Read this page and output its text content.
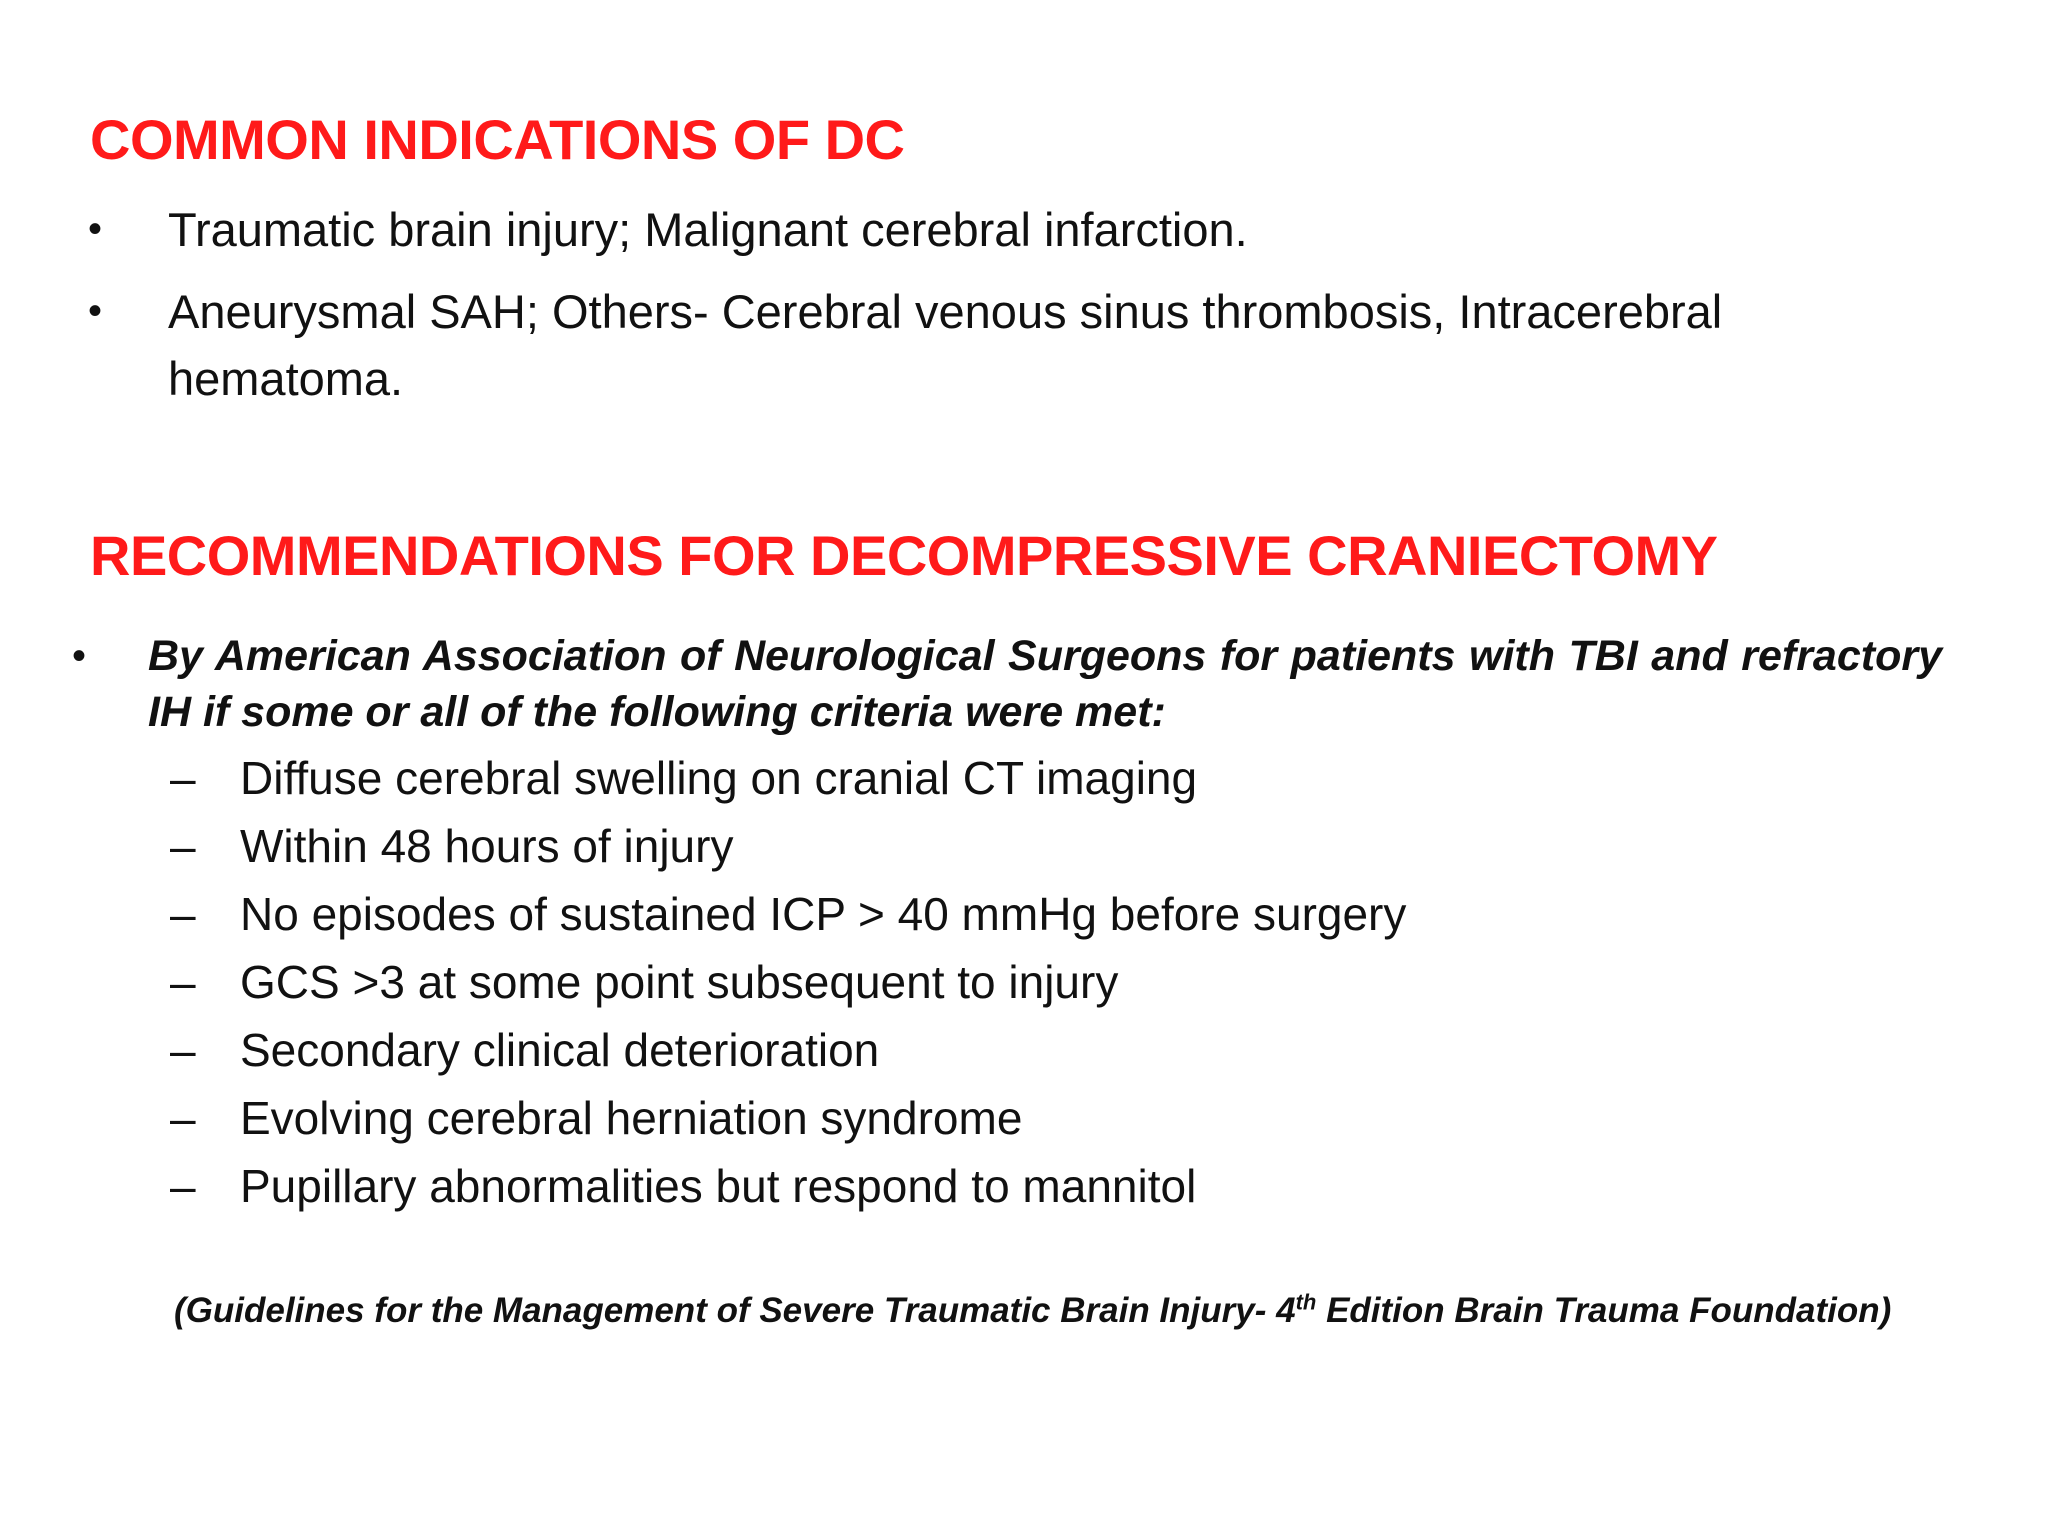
COMMON INDICATIONS OF DC
• Traumatic brain injury; Malignant cerebral infarction.
• Aneurysmal SAH; Others- Cerebral venous sinus thrombosis, Intracerebral hematoma.
RECOMMENDATIONS FOR DECOMPRESSIVE CRANIECTOMY
• By American Association of Neurological Surgeons for patients with TBI and refractory IH if some or all of the following criteria were met:
– Diffuse cerebral swelling on cranial CT imaging
– Within 48 hours of injury
– No episodes of sustained ICP > 40 mmHg before surgery
– GCS >3 at some point subsequent to injury
– Secondary clinical deterioration
– Evolving cerebral herniation syndrome
– Pupillary abnormalities but respond to mannitol
(Guidelines for the Management of Severe Traumatic Brain Injury- 4th Edition Brain Trauma Foundation)
